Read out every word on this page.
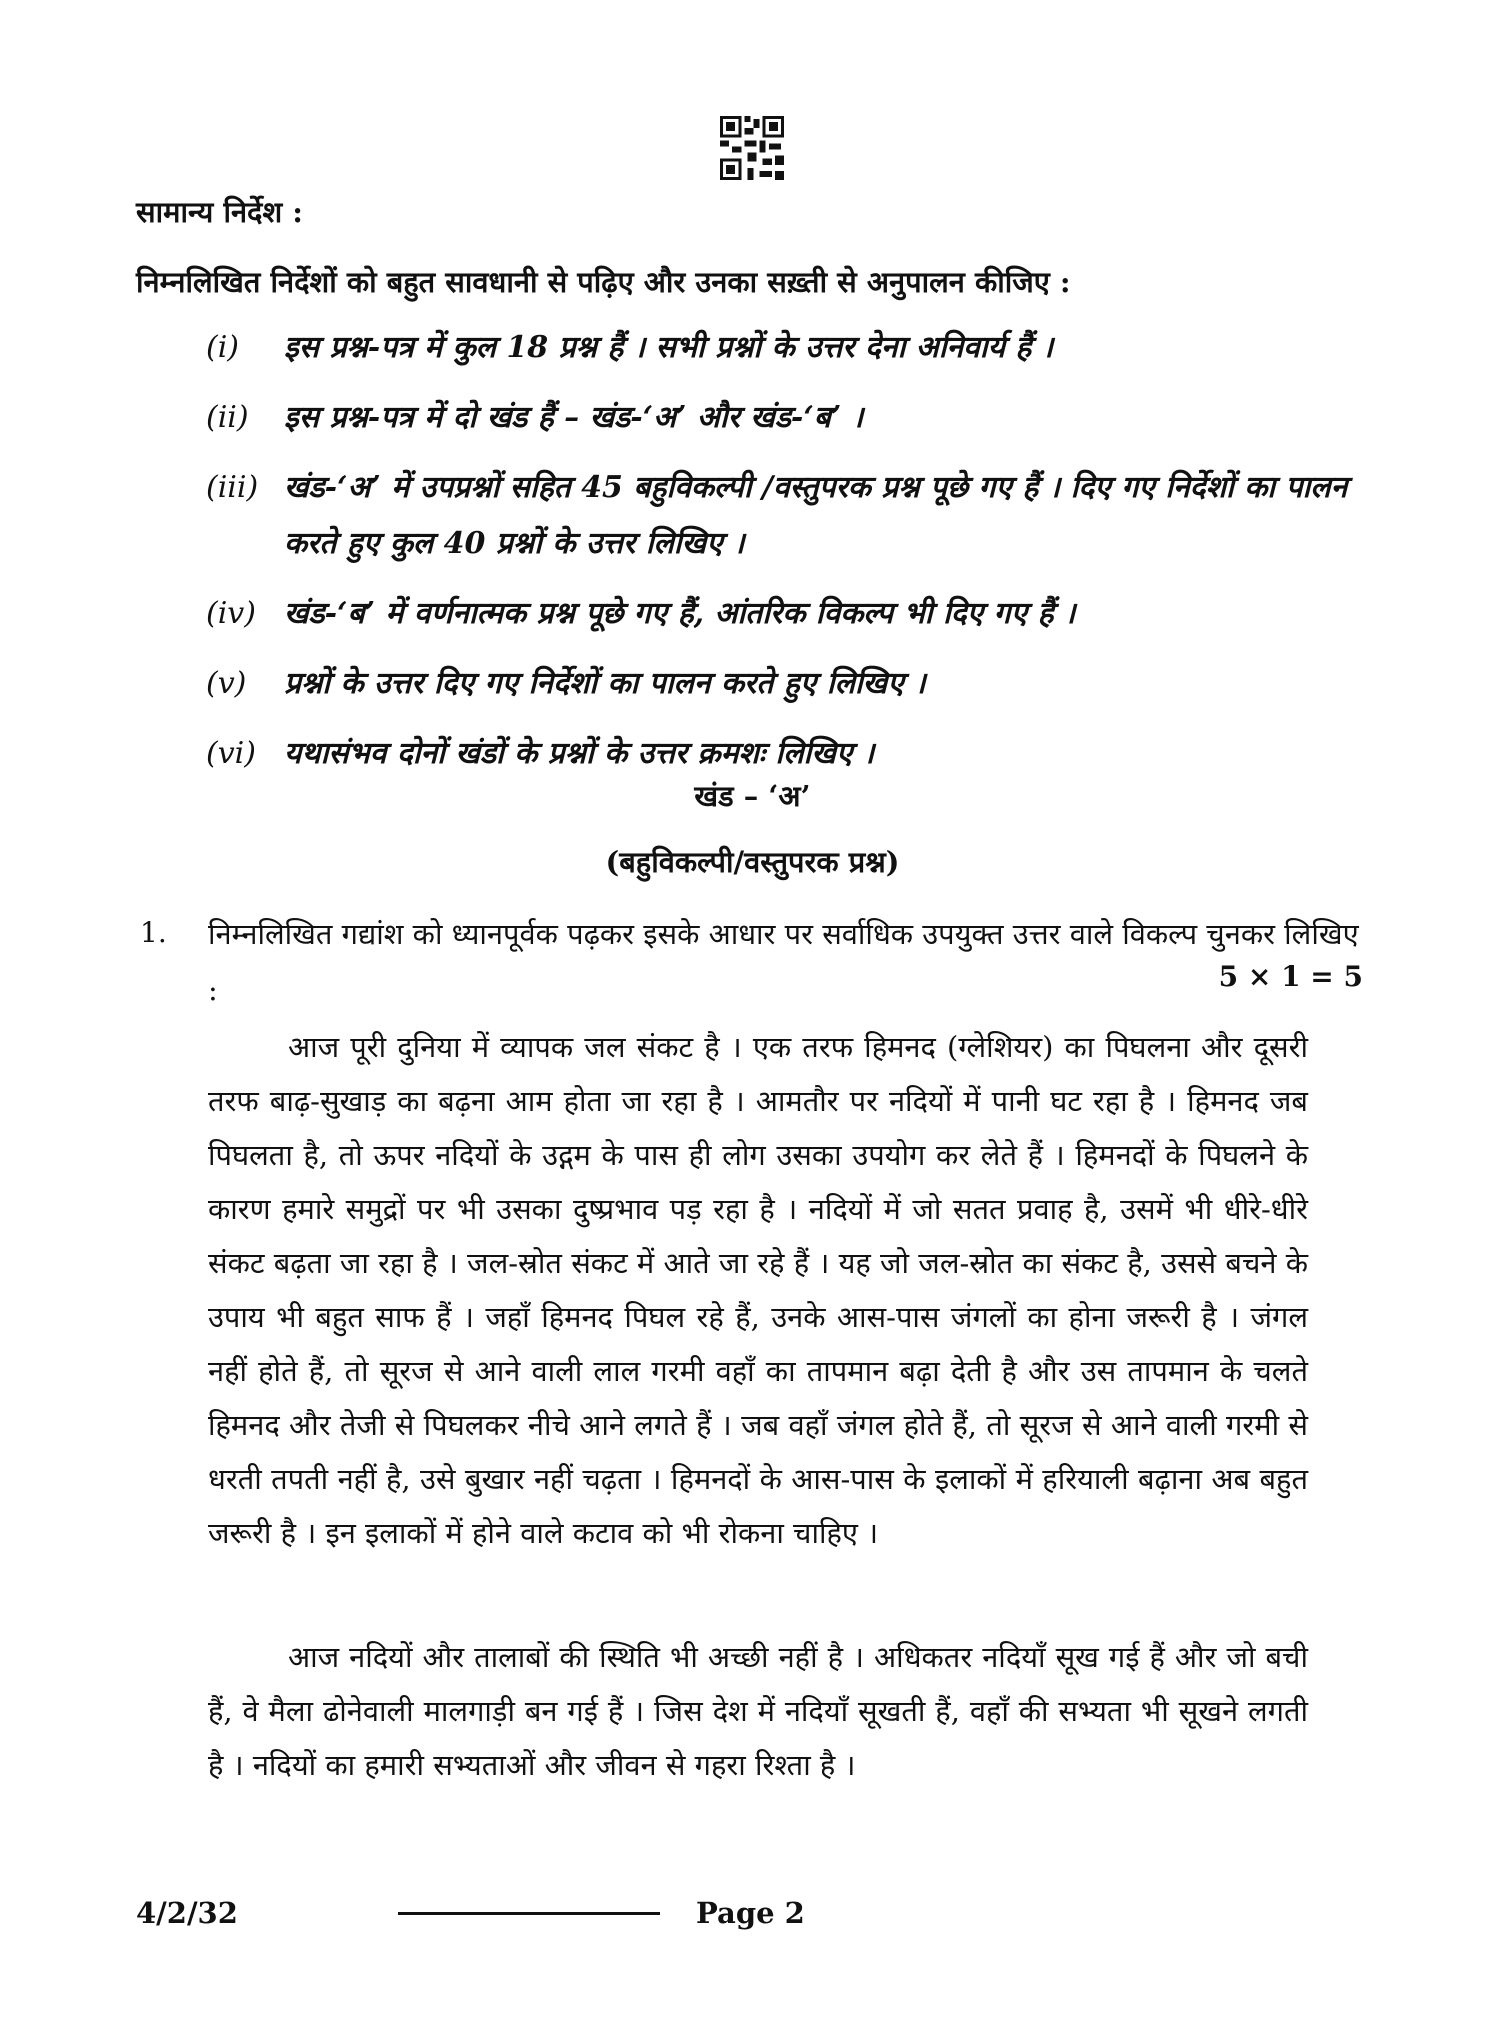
सामान्य निर्देश :
निम्नलिखित निर्देशों को बहुत सावधानी से पढ़िए और उनका सख़्ती से अनुपालन कीजिए :
(i)	इस प्रश्न-पत्र में कुल 18 प्रश्न हैं । सभी प्रश्नों के उत्तर देना अनिवार्य हैं ।
(ii)	इस प्रश्न-पत्र में दो खंड हैं – खंड-‘अ’ और खंड-‘ब’ ।
(iii) खंड-‘अ’ में उपप्रश्नों सहित 45 बहुविकल्पी /वस्तुपरक प्रश्न पूछे गए हैं । दिए गए निर्देशों का पालन करते हुए कुल 40 प्रश्नों के उत्तर लिखिए ।
(iv) खंड-‘ब’ में वर्णनात्मक प्रश्न पूछे गए हैं, आंतरिक विकल्प भी दिए गए हैं ।
(v)	प्रश्नों के उत्तर दिए गए निर्देशों का पालन करते हुए लिखिए ।
(vi) यथासंभव दोनों खंडों के प्रश्नों के उत्तर क्रमशः लिखिए ।
खंड – ‘अ’
(बहुविकल्पी/वस्तुपरक प्रश्न)
1. निम्नलिखित गद्यांश को ध्यानपूर्वक पढ़कर इसके आधार पर सर्वाधिक उपयुक्त उत्तर वाले विकल्प चुनकर लिखिए :	5 × 1 = 5
आज पूरी दुनिया में व्यापक जल संकट है । एक तरफ हिमनद (ग्लेशियर) का पिघलना और दूसरी तरफ बाढ़-सुखाड़ का बढ़ना आम होता जा रहा है । आमतौर पर नदियों में पानी घट रहा है । हिमनद जब पिघलता है, तो ऊपर नदियों के उद्गम के पास ही लोग उसका उपयोग कर लेते हैं । हिमनदों के पिघलने के कारण हमारे समुद्रों पर भी उसका दुष्प्रभाव पड़ रहा है । नदियों में जो सतत प्रवाह है, उसमें भी धीरे-धीरे संकट बढ़ता जा रहा है । जल-स्रोत संकट में आते जा रहे हैं । यह जो जल-स्रोत का संकट है, उससे बचने के उपाय भी बहुत साफ हैं । जहाँ हिमनद पिघल रहे हैं, उनके आस-पास जंगलों का होना जरूरी है । जंगल नहीं होते हैं, तो सूरज से आने वाली लाल गरमी वहाँ का तापमान बढ़ा देती है और उस तापमान के चलते हिमनद और तेजी से पिघलकर नीचे आने लगते हैं । जब वहाँ जंगल होते हैं, तो सूरज से आने वाली गरमी से धरती तपती नहीं है, उसे बुखार नहीं चढ़ता । हिमनदों के आस-पास के इलाकों में हरियाली बढ़ाना अब बहुत जरूरी है । इन इलाकों में होने वाले कटाव को भी रोकना चाहिए ।
आज नदियों और तालाबों की स्थिति भी अच्छी नहीं है । अधिकतर नदियाँ सूख गई हैं और जो बची हैं, वे मैला ढोनेवाली मालगाड़ी बन गई हैं । जिस देश में नदियाँ सूखती हैं, वहाँ की सभ्यता भी सूखने लगती है । नदियों का हमारी सभ्यताओं और जीवन से गहरा रिश्ता है ।
4/2/32	Page 2
